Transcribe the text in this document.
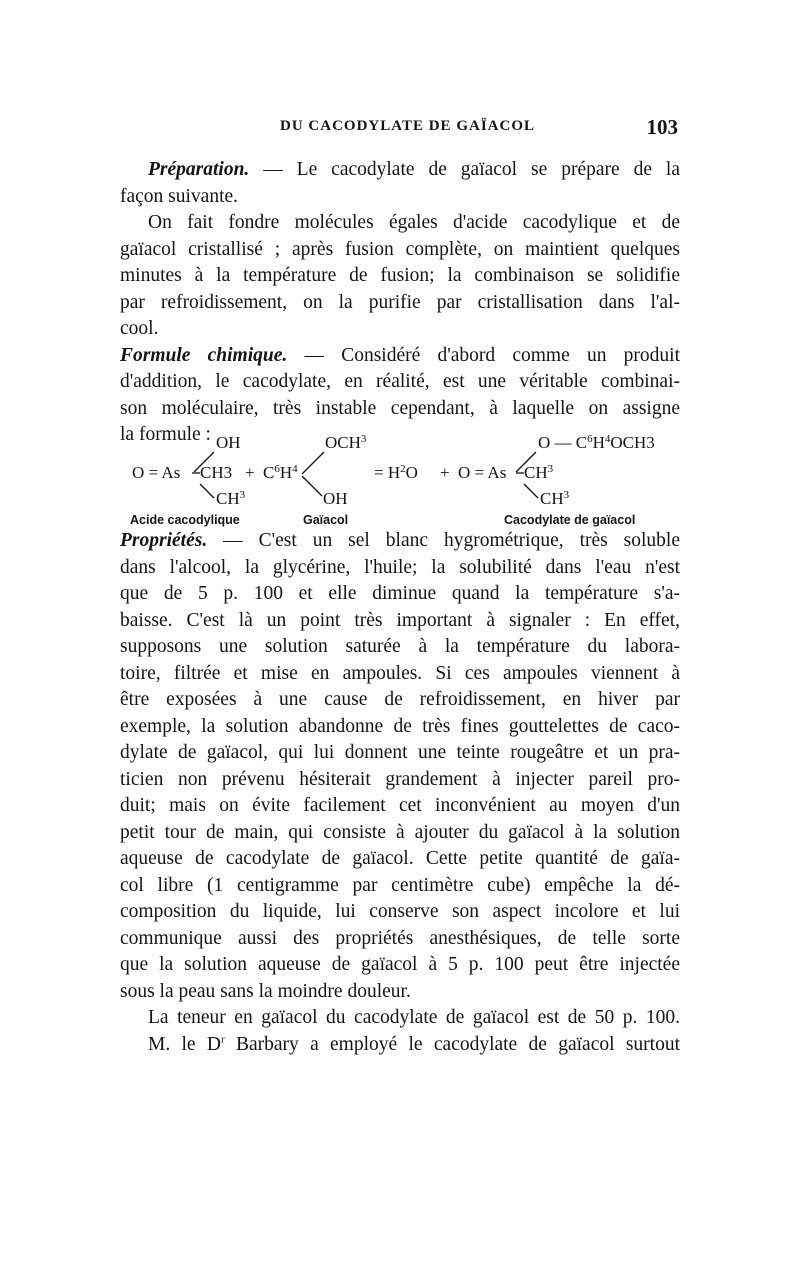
DU CACODYLATE DE GAÏACOL	103
Préparation. — Le cacodylate de gaïacol se prépare de la
façon suivante.
On fait fondre molécules égales d'acide cacodylique et de
gaïacol cristallisé ; après fusion complète, on maintient quelques
minutes à la température de fusion; la combinaison se solidifie
par refroidissement, on la purifie par cristallisation dans l'al-
cool.
Formule chimique. — Considéré d'abord comme un produit
d'addition, le cacodylate, en réalité, est une véritable combinai-
son moléculaire, très instable cependant, à laquelle on assigne
la formule : OH
O = As CH3
$CH^3$
Acide cacodylique
+
$OCH^3$
$C^6H^4$
OH
Gaïacol
= $H^2O$ +
O — $C^6H^4OCH3$
O = As $CH^3$
$CH^3$
Cacodylate de gaïacol
Propriétés. — C'est un sel blanc hygrométrique, très soluble
dans l'alcool, la glycérine, l'huile; la solubilité dans l'eau n'est
que de 5 p. 100 et elle diminue quand la température s'a-
baisse. C'est là un point très important à signaler : En effet,
supposons une solution saturée à la température du labora-
toire, filtrée et mise en ampoules. Si ces ampoules viennent à
être exposées à une cause de refroidissement, en hiver par
exemple, la solution abandonne de très fines gouttelettes de caco-
dylate de gaïacol, qui lui donnent une teinte rougeâtre et un pra-
ticien non prévenu hésiterait grandement à injecter pareil pro-
duit; mais on évite facilement cet inconvénient au moyen d'un
petit tour de main, qui consiste à ajouter du gaïacol à la solution
aqueuse de cacodylate de gaïacol. Cette petite quantité de gaïa-
col libre (1 centigramme par centimètre cube) empêche la dé-
composition du liquide, lui conserve son aspect incolore et lui
communique aussi des propriétés anesthésiques, de telle sorte
que la solution aqueuse de gaïacol à 5 p. 100 peut être injectée
sous la peau sans la moindre douleur.
La teneur en gaïacol du cacodylate de gaïacol est de 50 p. 100.
M. le $D^r$ Barbary a employé le cacodylate de gaïacol surtout
